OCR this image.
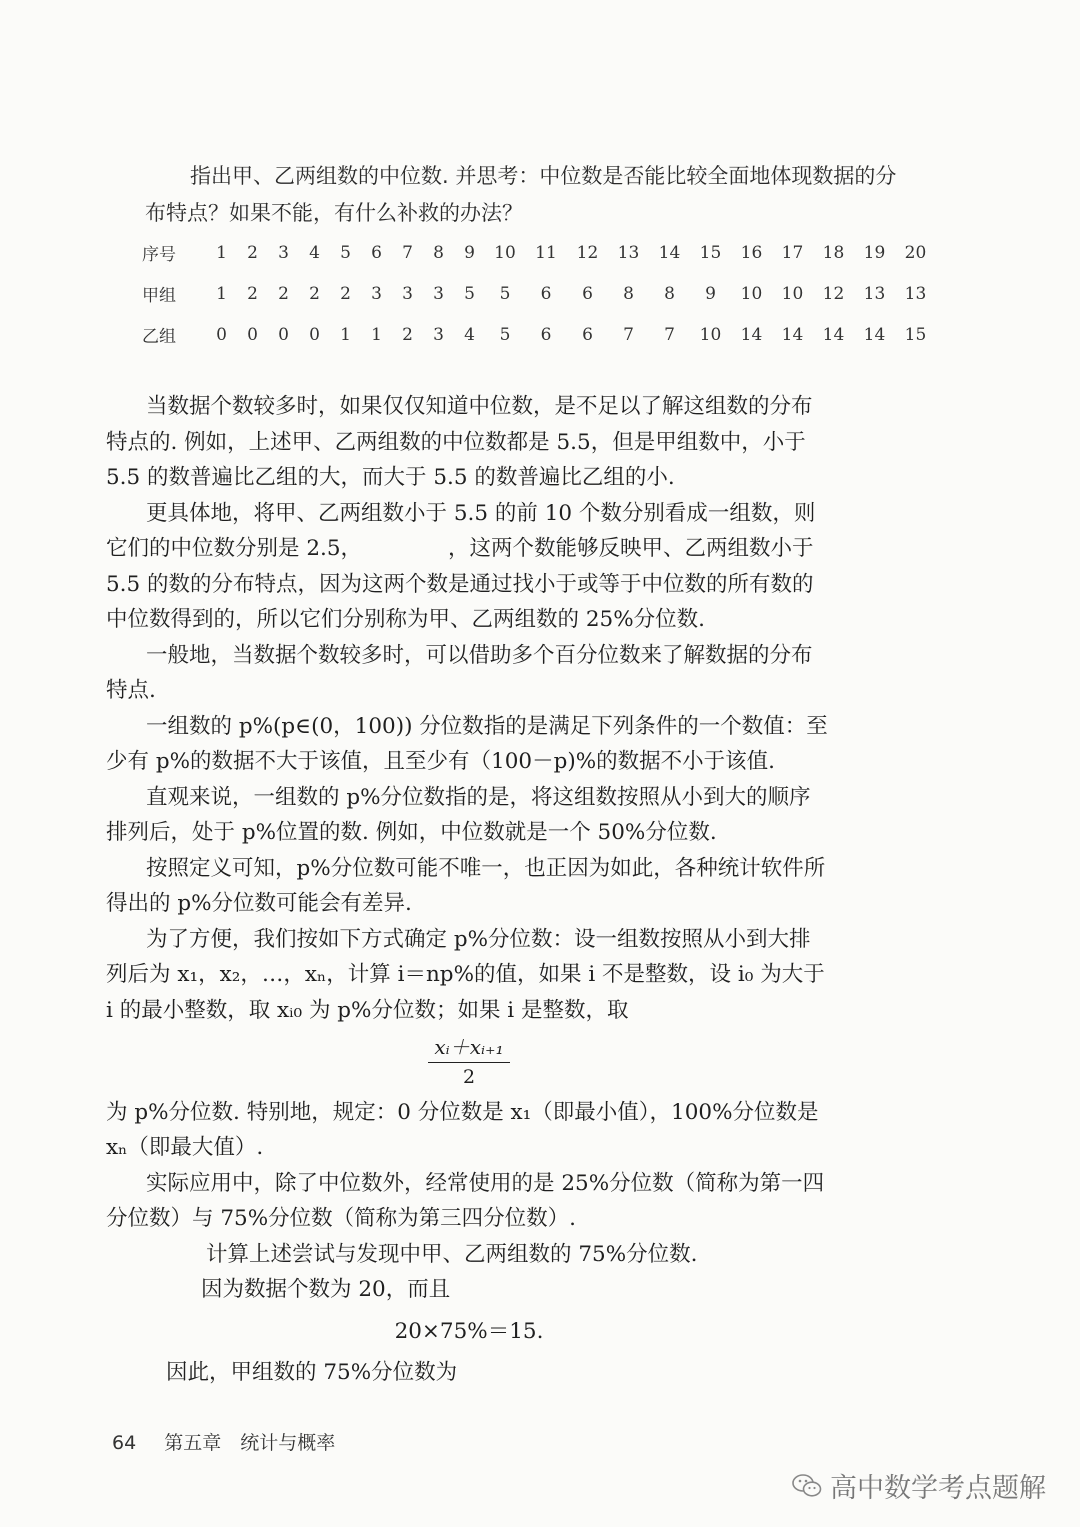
指出甲、乙两组数的中位数. 并思考：中位数是否能比较全面地体现数据的分

布特点？如果不能，有什么补救的办法？

序号	1	2	3	4	5	6	7	8	9	10	11	12	13	14	15	16	17	18	19	20
甲组	1	2	2	2	2	3	3	3	5	5	6	6	8	8	9	10	10	12	13	13
乙组	0	0	0	0	1	1	2	3	4	5	6	6	7	7	10	14	14	14	14	15

当数据个数较多时，如果仅仅知道中位数，是不足以了解这组数的分布特点的. 例如，上述甲、乙两组数的中位数都是 5.5，但是甲组数中，小于 5.5 的数普遍比乙组的大，而大于 5.5 的数普遍比乙组的小.

更具体地，将甲、乙两组数小于 5.5 的前 10 个数分别看成一组数，则它们的中位数分别是 2.5，	，这两个数能够反映甲、乙两组数小于 5.5 的数的分布特点，因为这两个数是通过找小于或等于中位数的所有数的中位数得到的，所以它们分别称为甲、乙两组数的 25%分位数.

一般地，当数据个数较多时，可以借助多个百分位数来了解数据的分布特点.

一组数的 p%(p∈(0，100)) 分位数指的是满足下列条件的一个数值：至少有 p%的数据不大于该值，且至少有（100－p)%的数据不小于该值.

直观来说，一组数的 p%分位数指的是，将这组数按照从小到大的顺序排列后，处于 p%位置的数. 例如，中位数就是一个 50%分位数.

按照定义可知，p%分位数可能不唯一，也正因为如此，各种统计软件所得出的 p%分位数可能会有差异.

为了方便，我们按如下方式确定 p%分位数：设一组数按照从小到大排列后为 x₁，x₂，…，xₙ，计算 i＝np%的值，如果 i 不是整数，设 i₀ 为大于 i 的最小整数，取 xᵢ₀ 为 p%分位数；如果 i 是整数，取

$\frac{\text{xᵢ＋xᵢ₊₁}}{2}$

为 p%分位数. 特别地，规定：0 分位数是 x₁（即最小值），100%分位数是 xₙ（即最大值）.

实际应用中，除了中位数外，经常使用的是 25%分位数（简称为第一四分位数）与 75%分位数（简称为第三四分位数）.

计算上述尝试与发现中甲、乙两组数的 75%分位数.

因为数据个数为 20，而且

20×75%＝15.

因此，甲组数的 75%分位数为

64 第五章　统计与概率
高中数学考点题解
